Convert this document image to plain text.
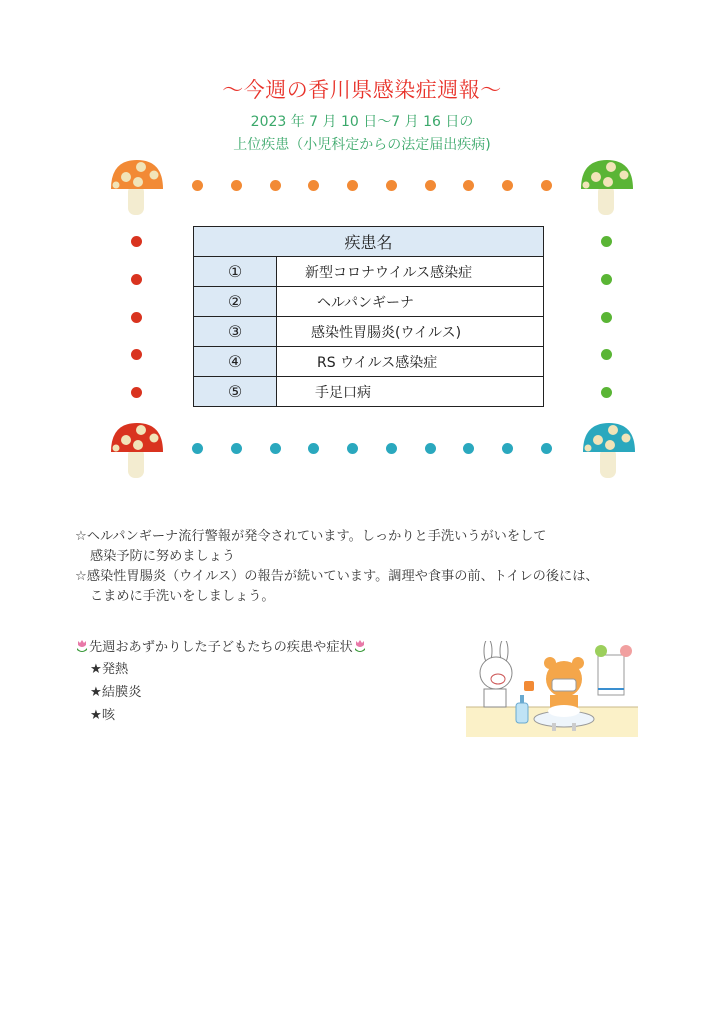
〜今週の香川県感染症週報〜
2023 年 7 月 10 日〜7 月 16 日の
上位疾患（小児科定からの法定届出疾病)
疾患名	
①	新型コロナウイルス感染症
②	ヘルパンギーナ
③	感染性胃腸炎(ウイルス)
④	RS ウイルス感染症
⑤	手足口病
☆ヘルパンギーナ流行警報が発令されています。しっかりと手洗いうがいをして
感染予防に努めましょう
☆感染性胃腸炎（ウイルス）の報告が続いています。調理や食事の前、トイレの後には、
こまめに手洗いをしましょう。
先週おあずかりした子どもたちの疾患や症状
★発熱
★結膜炎
★咳
